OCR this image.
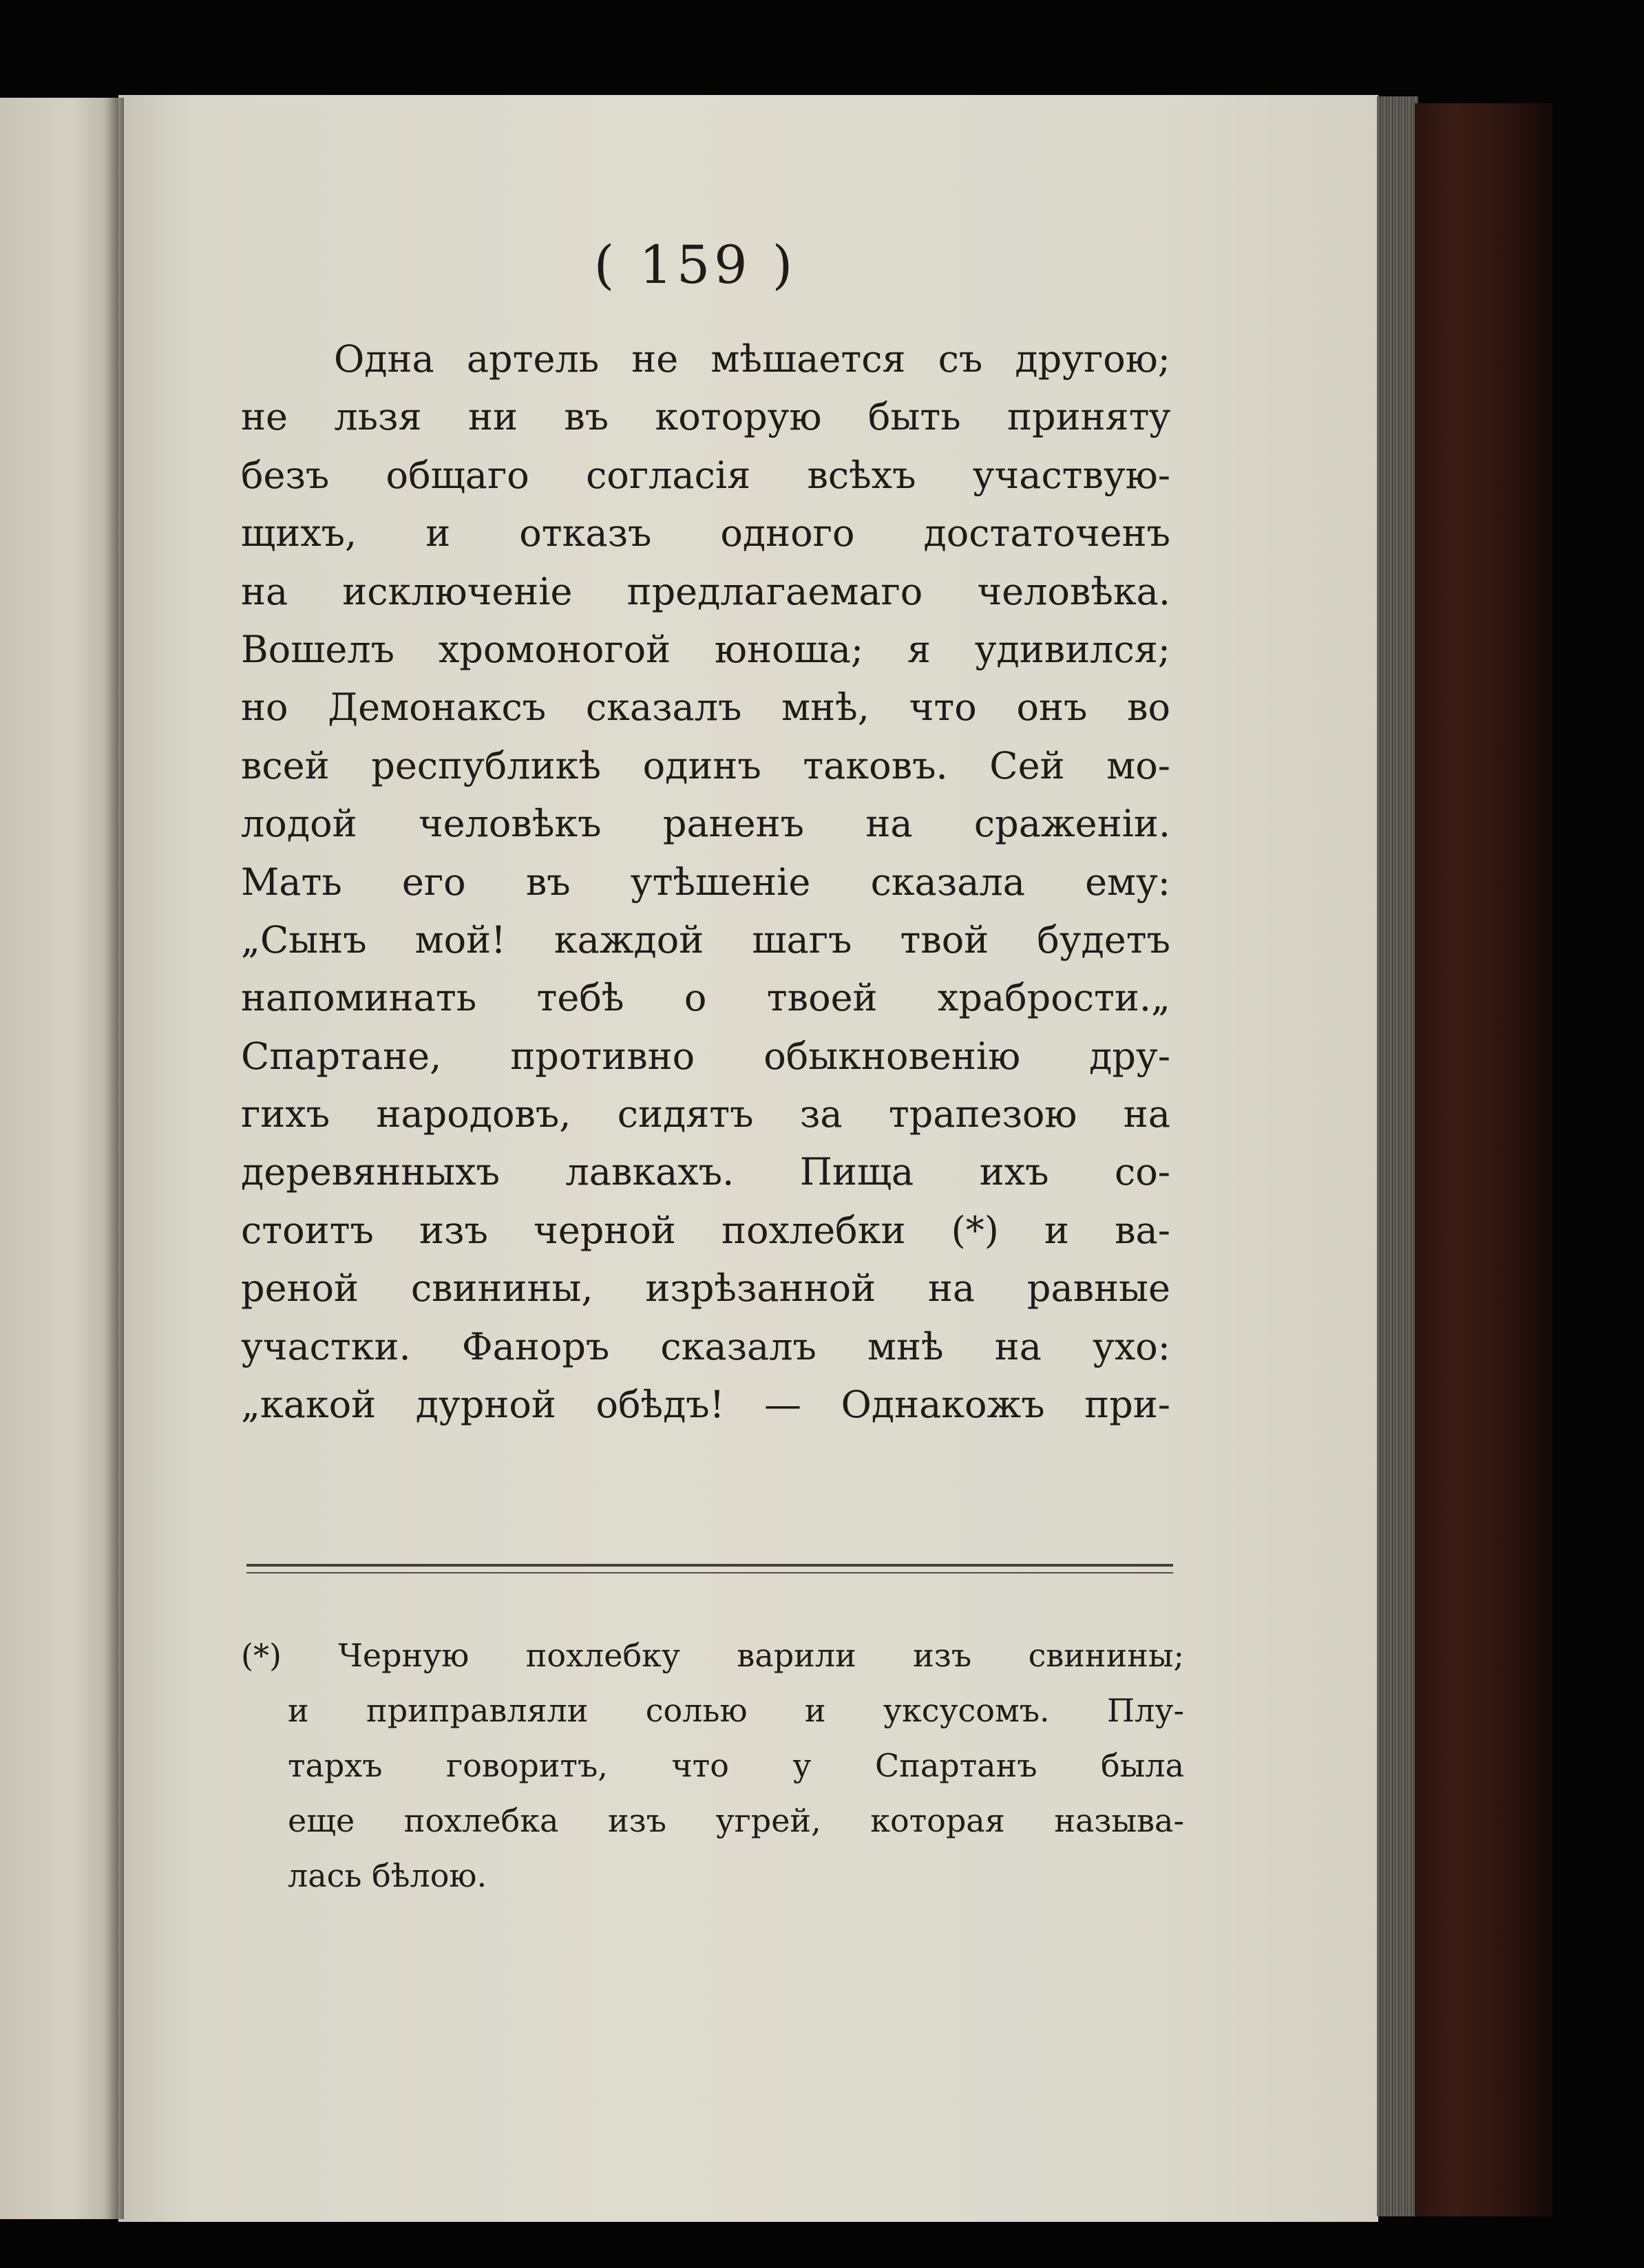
( 159 )
Одна артель не мѣшается съ другою;
не льзя ни въ которую быть принятy
безъ общаго согласія всѣхъ участвую-
щихъ, и отказъ одного достаточенъ
на исключеніе предлагаемаго человѣка.
Вошелъ хромоногой юноша; я удивился;
но Демонаксъ сказалъ мнѣ, что онъ во
всей республикѣ одинъ таковъ. Сей мо-
лодой человѣкъ раненъ на сраженіи.
Мать его въ утѣшеніе сказала ему:
„Сынъ мой! каждой шагъ твой будетъ
напоминать тебѣ о твоей храбрости.„
Спартане, противно обыкновенію дру-
гихъ народовъ, сидятъ за трапезою на
деревянныхъ лавкахъ. Пища ихъ со-
стоитъ изъ черной похлебки (*) и ва-
реной свинины, изрѣзанной на равные
участки. Фаноръ сказалъ мнѣ на ухо:
„какой дурной обѣдъ! — Однакожъ при-
(*) Черную похлебку варили изъ свинины;
и приправляли солью и уксусомъ. Плу-
тархъ говоритъ, что у Спартанъ была
еще похлебка изъ угрей, которая называ-
лась бѣлою.
